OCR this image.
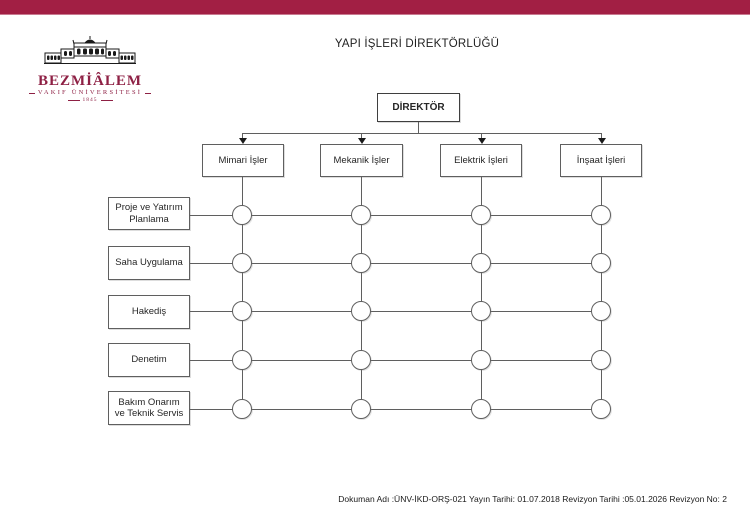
BEZMİÂLEM
VAKIF ÜNİVERSİTESİ
1845
YAPI İŞLERİ DİREKTÖRLÜĞÜ
DİREKTÖR
Mimari İşler	Mekanik İşler	Elektrik İşleri	İnşaat İşleri
Proje ve Yatırım Planlama
Saha Uygulama
Hakediş
Denetim
Bakım Onarım ve Teknik Servis
Dokuman Adı :ÜNV-İKD-ORŞ-021 Yayın Tarihi: 01.07.2018 Revizyon Tarihi :05.01.2026 Revizyon No: 2
